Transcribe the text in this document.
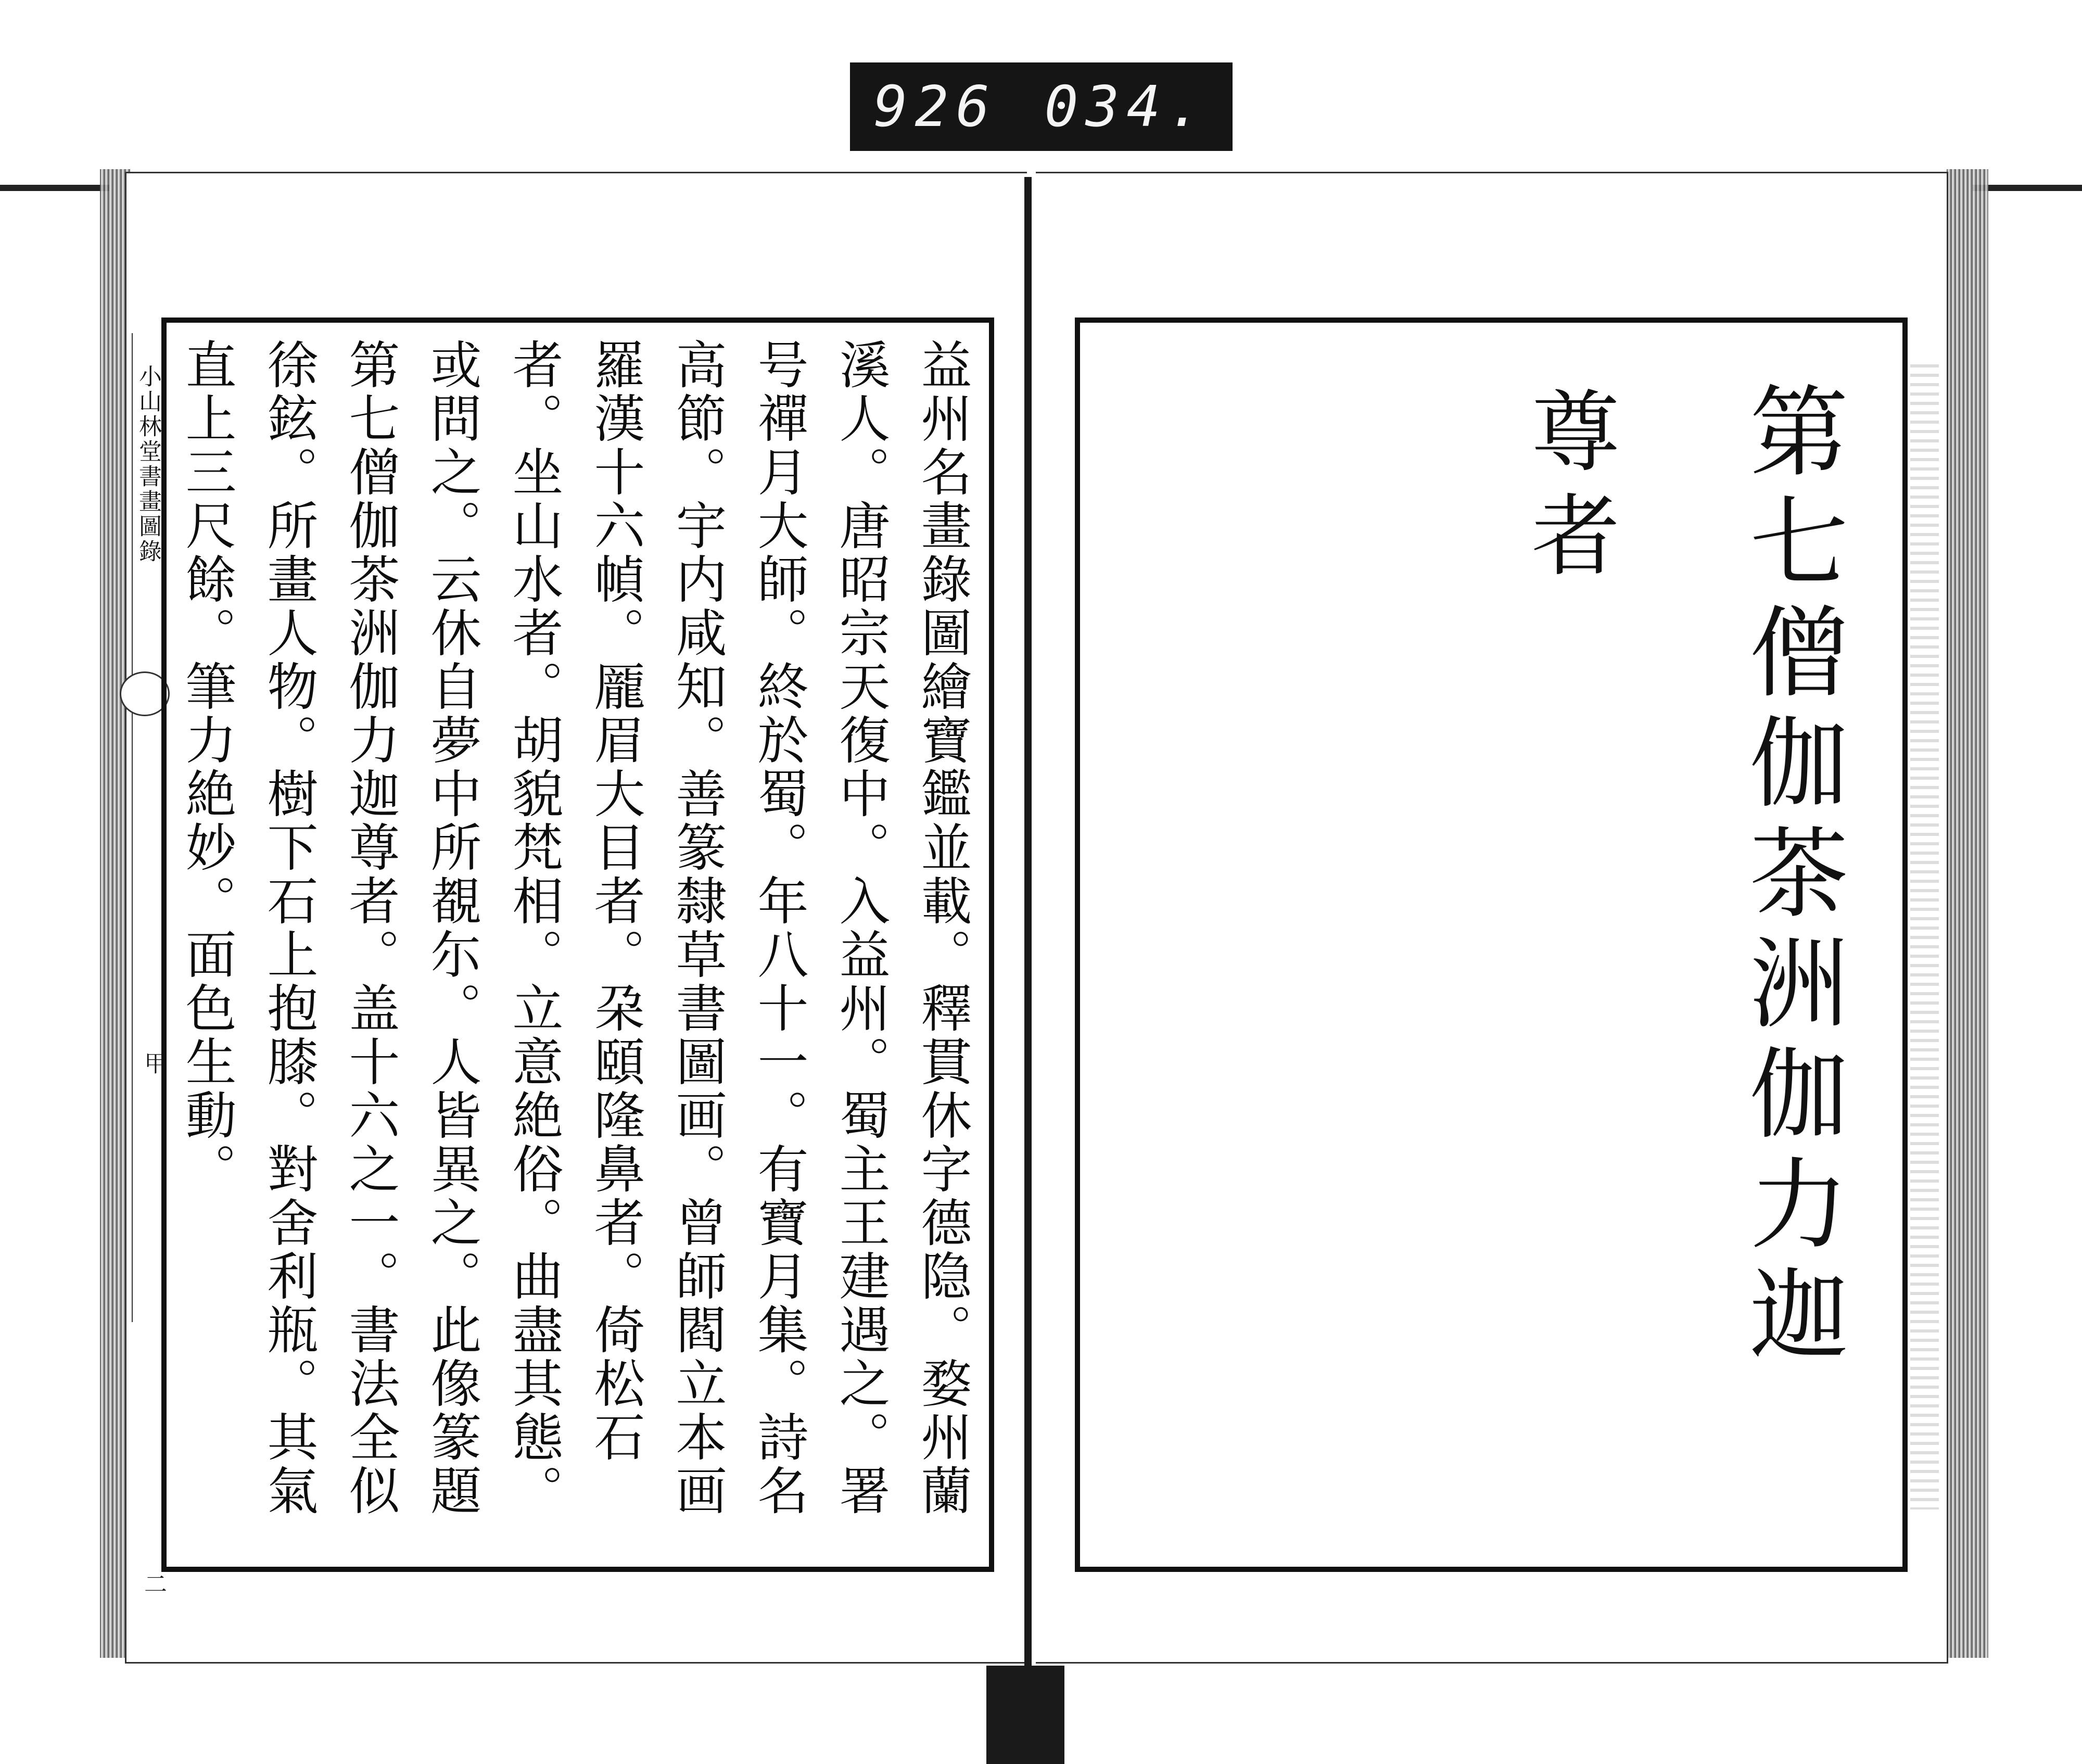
926 034.
小山林堂書畫圖錄
甲
二
益州名畫錄圖繪寶鑑並載。釋貫休字德隐。婺州蘭溪人。唐昭宗天復中。入益州。蜀主王建遇之。署号禪月大師。終於蜀。年八十一。有寶月集。詩名高節。宇内咸知。善篆隸草書圖画。曾師閻立本画羅漢十六幀。龎眉大目者。朶頤隆鼻者。倚松石者。坐山水者。胡貌梵相。立意絶俗。曲盡其態。或問之。云休自夢中所覩尓。人皆異之。此像篆題第七僧伽茶洲伽力迦尊者。盖十六之一。書法全似徐鉉。所畫人物。樹下石上抱膝。對舍利瓶。其氣直上三尺餘。筆力絶妙。面色生動。	第七僧伽茶洲伽力迦
尊者
